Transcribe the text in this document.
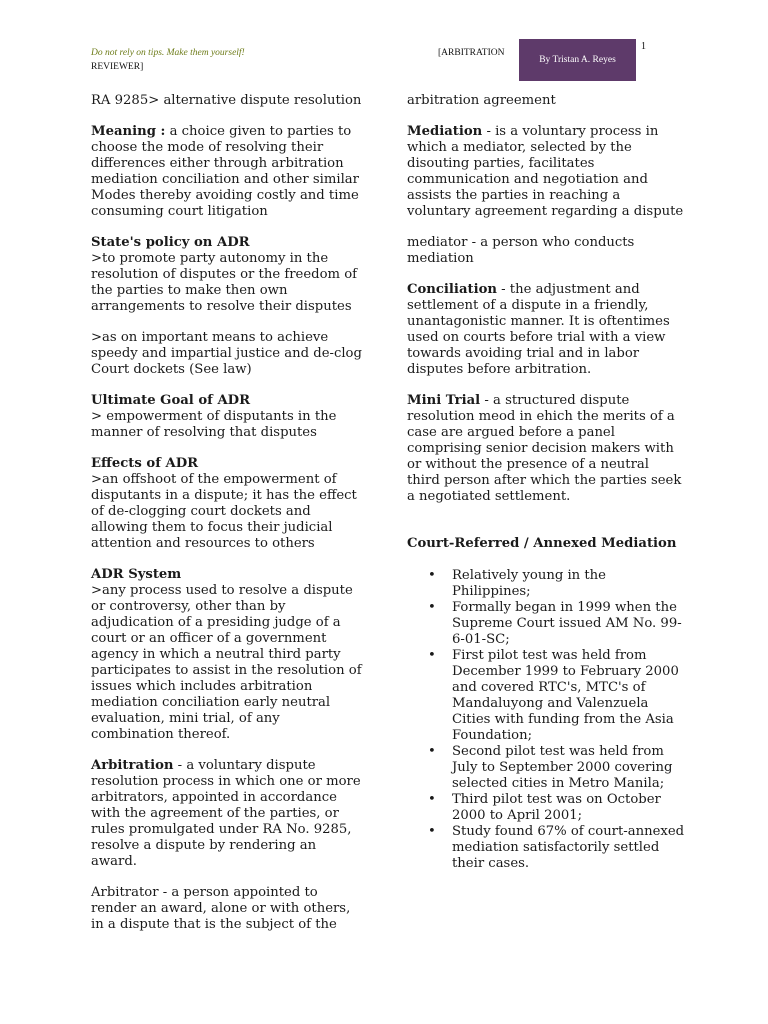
Do not rely on tips. Make them yourself!
REVIEWER]
[ARBITRATION
By Tristan A. Reyes
1

RA 9285> alternative dispute resolution

Meaning : a choice given to parties to choose the mode of resolving their differences either through arbitration mediation conciliation and other similar Modes thereby avoiding costly and time consuming court litigation

State's policy on ADR

>to promote party autonomy in the resolution of disputes or the freedom of the parties to make then own arrangements to resolve their disputes

>as on important means to achieve speedy and impartial justice and de-clog Court dockets (See law)

Ultimate Goal of ADR

> empowerment of disputants in the manner of resolving that disputes

Effects of ADR

>an offshoot of the empowerment of disputants in a dispute; it has the effect of de-clogging court dockets and allowing them to focus their judicial attention and resources to others

ADR System

>any process used to resolve a dispute or controversy, other than by adjudication of a presiding judge of a court or an officer of a government agency in which a neutral third party participates to assist in the resolution of issues which includes arbitration mediation conciliation early neutral evaluation, mini trial, of any combination thereof.

Arbitration - a voluntary dispute resolution process in which one or more arbitrators, appointed in accordance with the agreement of the parties, or rules promulgated under RA No. 9285, resolve a dispute by rendering an award.

Arbitrator - a person appointed to render an award, alone or with others, in a dispute that is the subject of the

arbitration agreement

Mediation - is a voluntary process in which a mediator, selected by the disouting parties, facilitates communication and negotiation and assists the parties in reaching a voluntary agreement regarding a dispute

mediator - a person who conducts mediation

Conciliation - the adjustment and settlement of a dispute in a friendly, unantagonistic manner. It is oftentimes used on courts before trial with a view towards avoiding trial and in labor disputes before arbitration.

Mini Trial - a structured dispute resolution meod in ehich the merits of a case are argued before a panel comprising senior decision makers with or without the presence of a neutral third person after which the parties seek a negotiated settlement.

Court-Referred / Annexed Mediation

• Relatively young in the Philippines;
• Formally began in 1999 when the Supreme Court issued AM No. 99-6-01-SC;
• First pilot test was held from December 1999 to February 2000 and covered RTC's, MTC's of Mandaluyong and Valenzuela Cities with funding from the Asia Foundation;
• Second pilot test was held from July to September 2000 covering selected cities in Metro Manila;
• Third pilot test was on October 2000 to April 2001;
• Study found 67% of court-annexed mediation satisfactorily settled their cases.
